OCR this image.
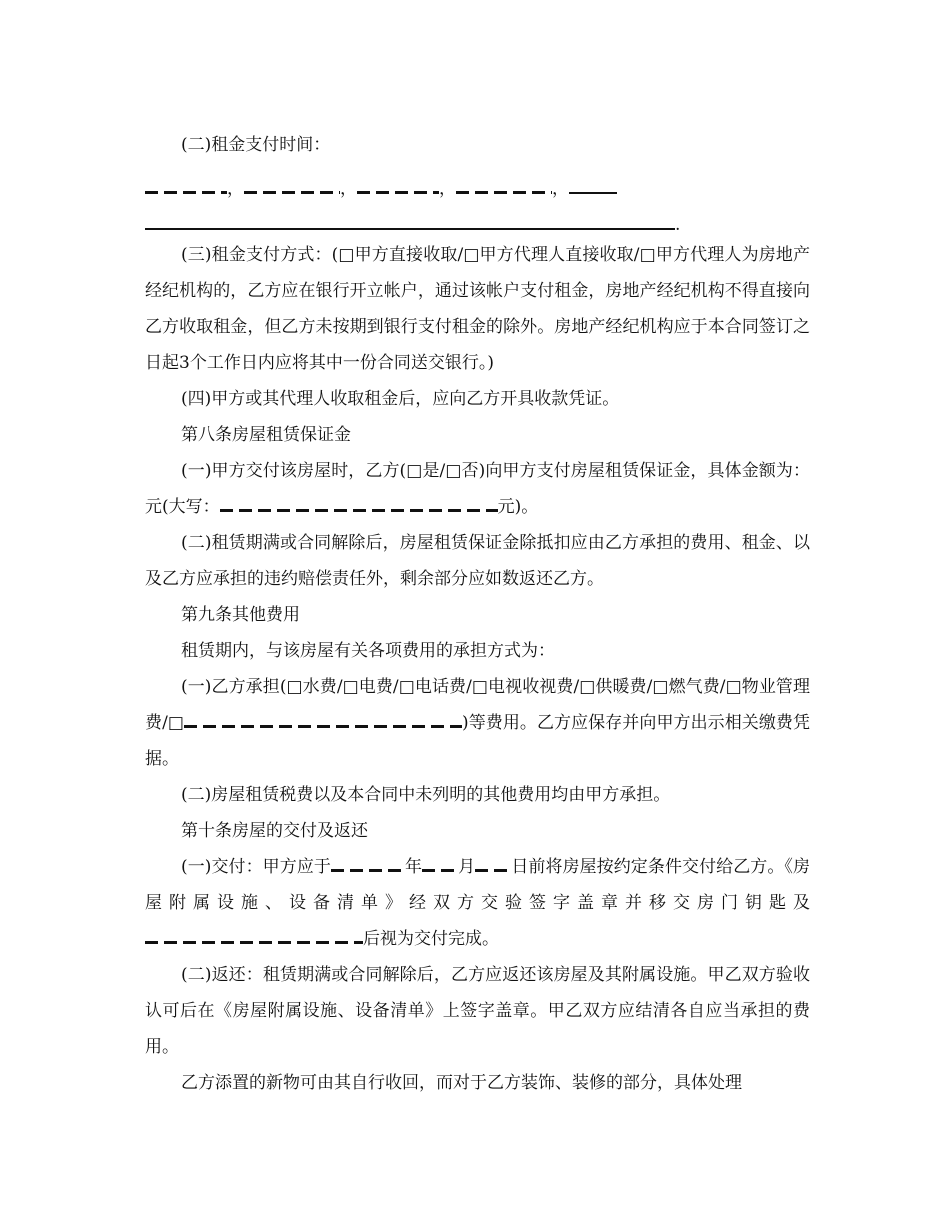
(二)租金支付时间：
，	，	，	，
.
(三)租金支付方式：(□甲方直接收取/□甲方代理人直接收取/□甲方代理人为房地产经纪机构的，乙方应在银行开立帐户，通过该帐户支付租金，房地产经纪机构不得直接向乙方收取租金，但乙方未按期到银行支付租金的除外。房地产经纪机构应于本合同签订之日起3个工作日内应将其中一份合同送交银行。)
(四)甲方或其代理人收取租金后，应向乙方开具收款凭证。
第八条房屋租赁保证金
(一)甲方交付该房屋时，乙方(□是/□否)向甲方支付房屋租赁保证金，具体金额为：元(大写：	元)。
(二)租赁期满或合同解除后，房屋租赁保证金除抵扣应由乙方承担的费用、租金、以及乙方应承担的违约赔偿责任外，剩余部分应如数返还乙方。
第九条其他费用
租赁期内，与该房屋有关各项费用的承担方式为：
(一)乙方承担(□水费/□电费/□电话费/□电视收视费/□供暖费/□燃气费/□物业管理费/□	)等费用。乙方应保存并向甲方出示相关缴费凭据。
(二)房屋租赁税费以及本合同中未列明的其他费用均由甲方承担。
第十条房屋的交付及返还
(一)交付：甲方应于	年 月 日前将房屋按约定条件交付给乙方。《房屋附属设施、设备清单》经双方交验签字盖章并移交房门钥匙及后视为交付完成。
(二)返还：租赁期满或合同解除后，乙方应返还该房屋及其附属设施。甲乙双方验收认可后在《房屋附属设施、设备清单》上签字盖章。甲乙双方应结清各自应当承担的费用。
乙方添置的新物可由其自行收回，而对于乙方装饰、装修的部分，具体处理
